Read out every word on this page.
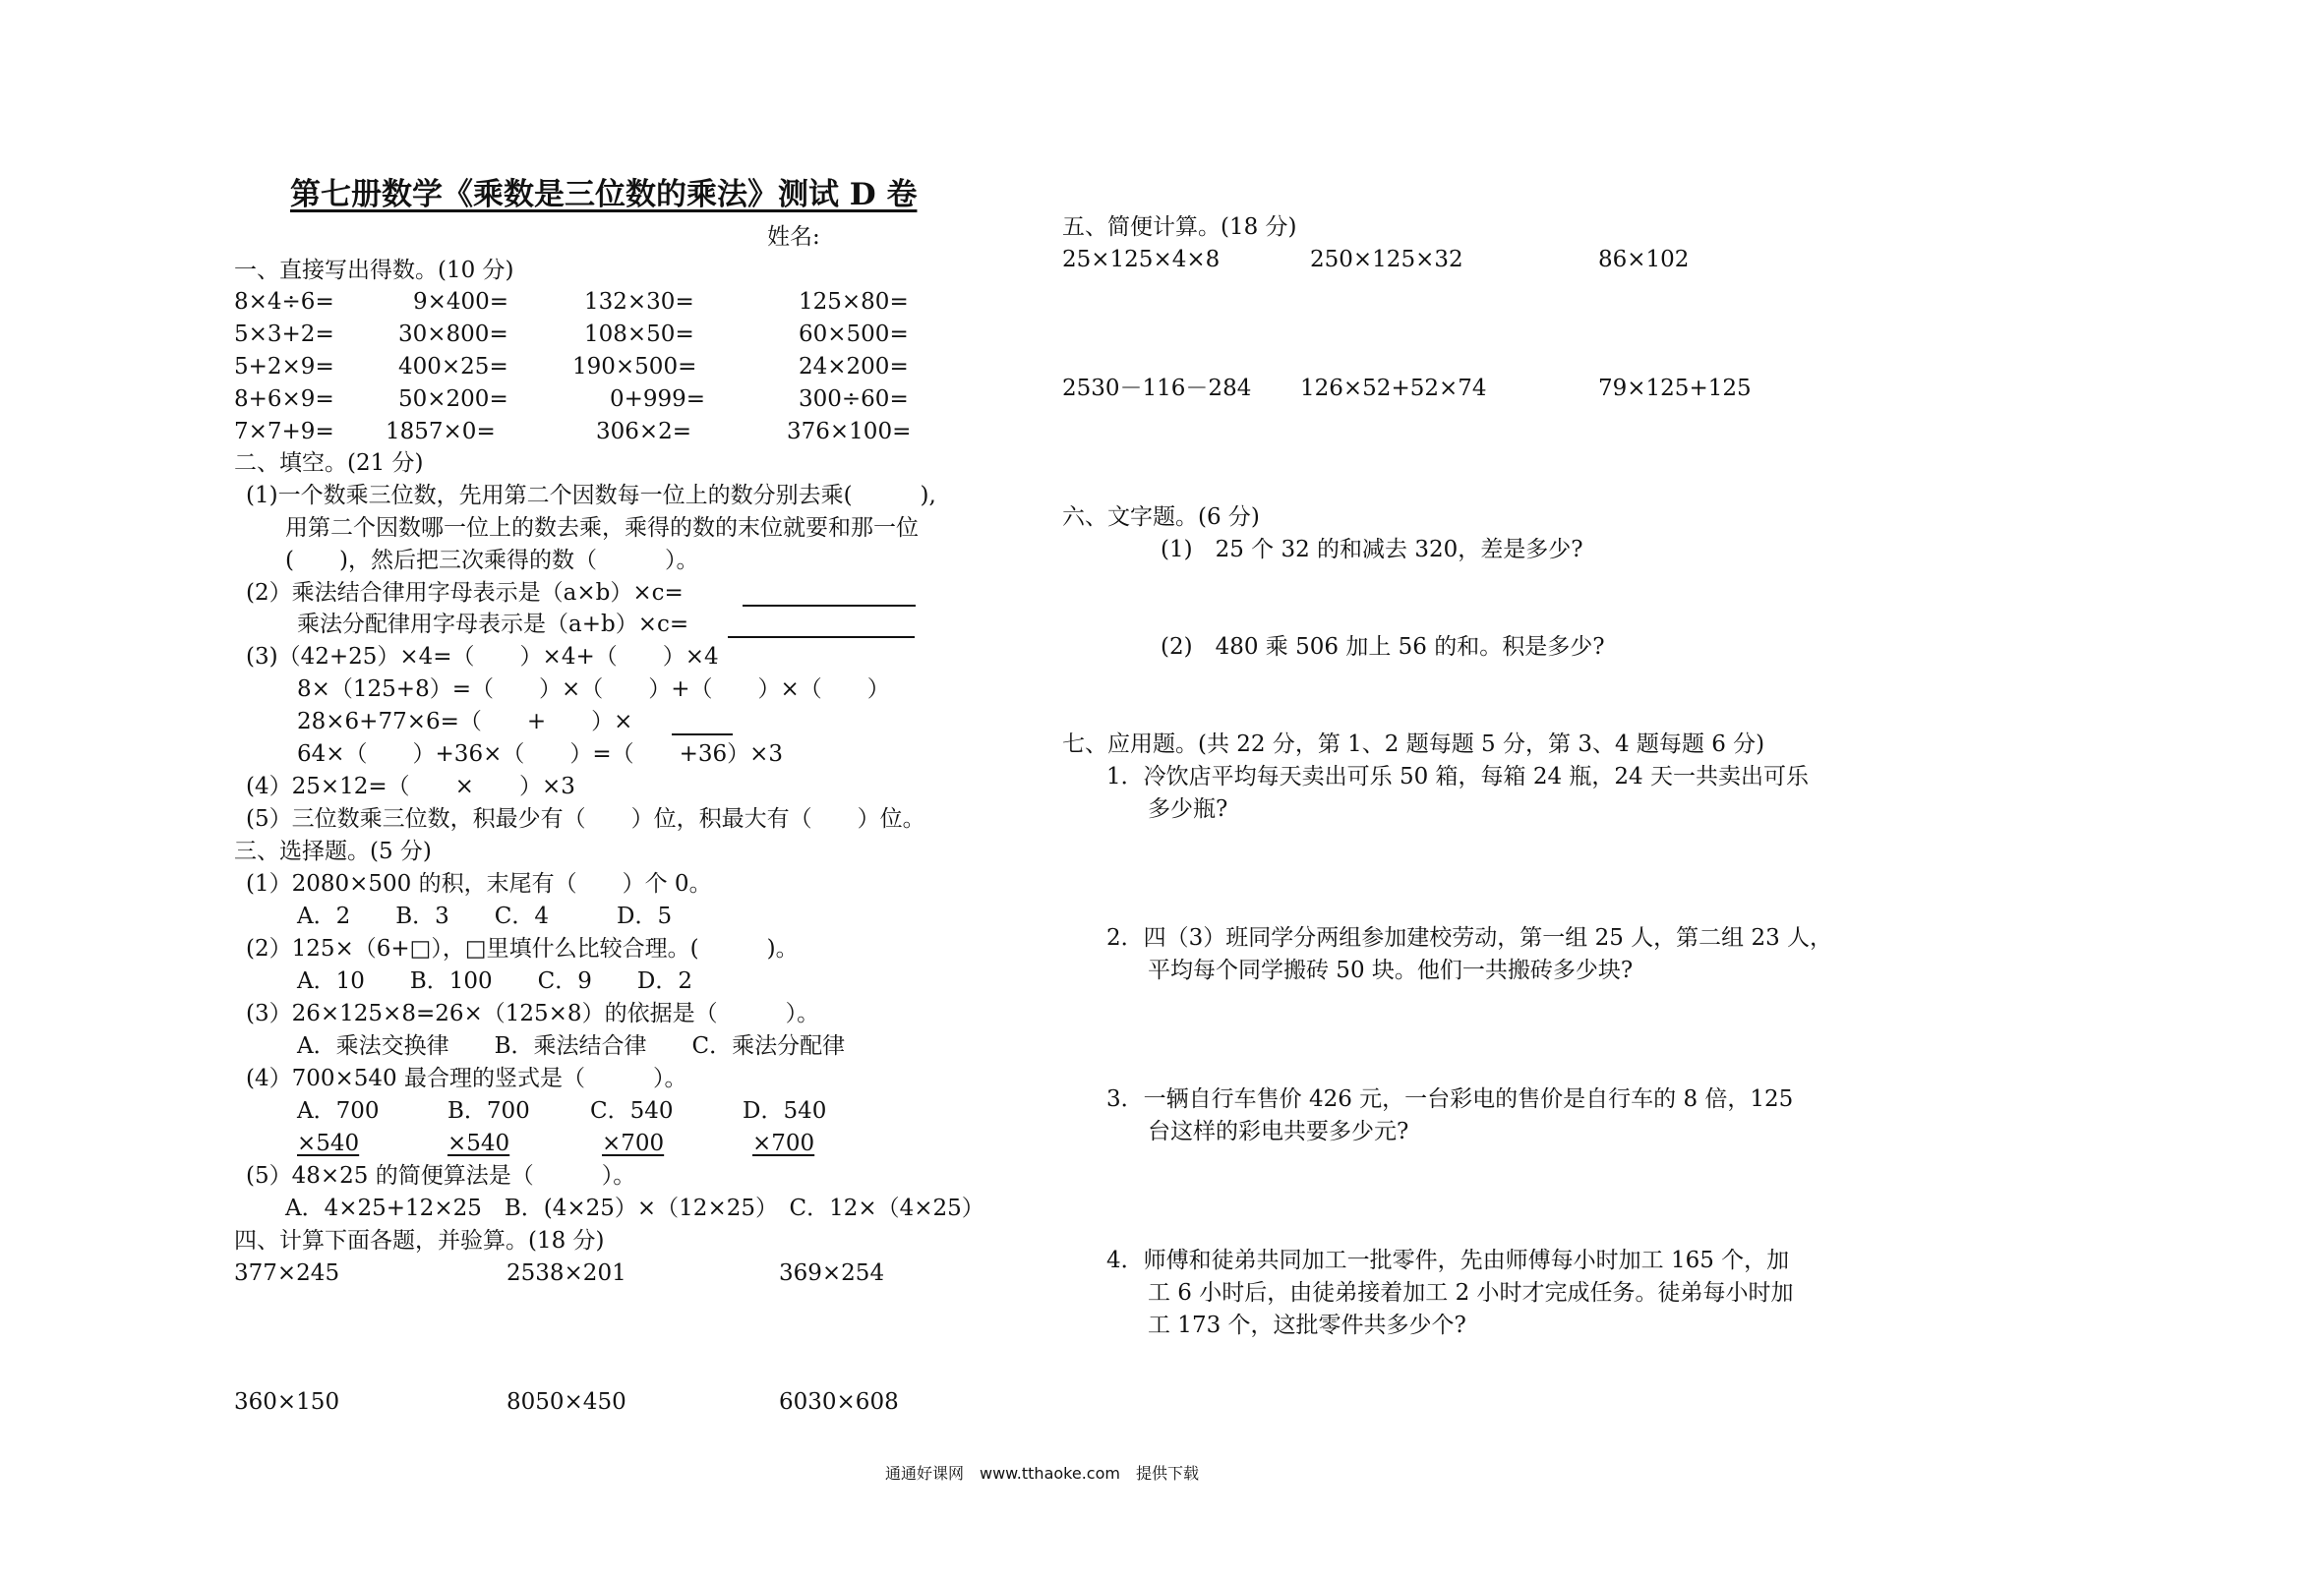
第七册数学《乘数是三位数的乘法》测试 D 卷
姓名:
一、直接写出得数。(10 分)
8×4÷6=	9×400=	132×30=	125×80=
5×3+2=	30×800=	108×50=	60×500=
5+2×9=	400×25=	190×500=	24×200=
8+6×9=	50×200=	0+999=	300÷60=
7×7+9= 1857×0=	306×2=	376×100=
二、填空。(21 分)
(1)一个数乘三位数，先用第二个因数每一位上的数分别去乘(　　　),
用第二个因数哪一位上的数去乘，乘得的数的末位就要和那一位
(　　)，然后把三次乘得的数（　　　）。
(2）乘法结合律用字母表示是（a×b）×c=
乘法分配律用字母表示是（a+b）×c=
(3)（42+25）×4=（　　）×4+（　　）×4
8×（125+8）=（　　）×（　　）+（　　）×（　　）
28×6+77×6=（　　+　　）×
64×（　　）+36×（　　）=（　　+36）×3
(4）25×12=（　　×　　）×3
(5）三位数乘三位数，积最少有（　　）位，积最大有（　　）位。
三、选择题。(5 分)
(1）2080×500 的积，末尾有（　　）个 0。
A．2　　B．3　　C．4　　　D．5
(2）125×（6+□），□里填什么比较合理。(　　　)。
A．10　　B．100　　C．9　　D．2
(3）26×125×8=26×（125×8）的依据是（　　　）。
A．乘法交换律　　B．乘法结合律　　C．乘法分配律
(4）700×540 最合理的竖式是（　　　）。
A．700	B．700	C．540	D．540
×540	×540	×700	×700
(5）48×25 的简便算法是（　　　）。
A．4×25+12×25　B．(4×25）×（12×25）　C．12×（4×25）
四、计算下面各题，并验算。(18 分)
377×245	2538×201	369×254
360×150	8050×450	6030×608
五、简便计算。(18 分)
25×125×4×8	250×125×32	86×102
2530－116－284 126×52+52×74	79×125+125
六、文字题。(6 分)
(1)　25 个 32 的和减去 320，差是多少?
(2)　480 乘 506 加上 56 的和。积是多少?
七、应用题。(共 22 分，第 1、2 题每题 5 分，第 3、4 题每题 6 分)
1．冷饮店平均每天卖出可乐 50 箱，每箱 24 瓶，24 天一共卖出可乐
多少瓶?
2．四（3）班同学分两组参加建校劳动，第一组 25 人，第二组 23 人，
平均每个同学搬砖 50 块。他们一共搬砖多少块?
3．一辆自行车售价 426 元，一台彩电的售价是自行车的 8 倍，125
台这样的彩电共要多少元?
4．师傅和徒弟共同加工一批零件，先由师傅每小时加工 165 个，加
工 6 小时后，由徒弟接着加工 2 小时才完成任务。徒弟每小时加
工 173 个，这批零件共多少个?
通通好课网　www.tthaoke.com　提供下载
